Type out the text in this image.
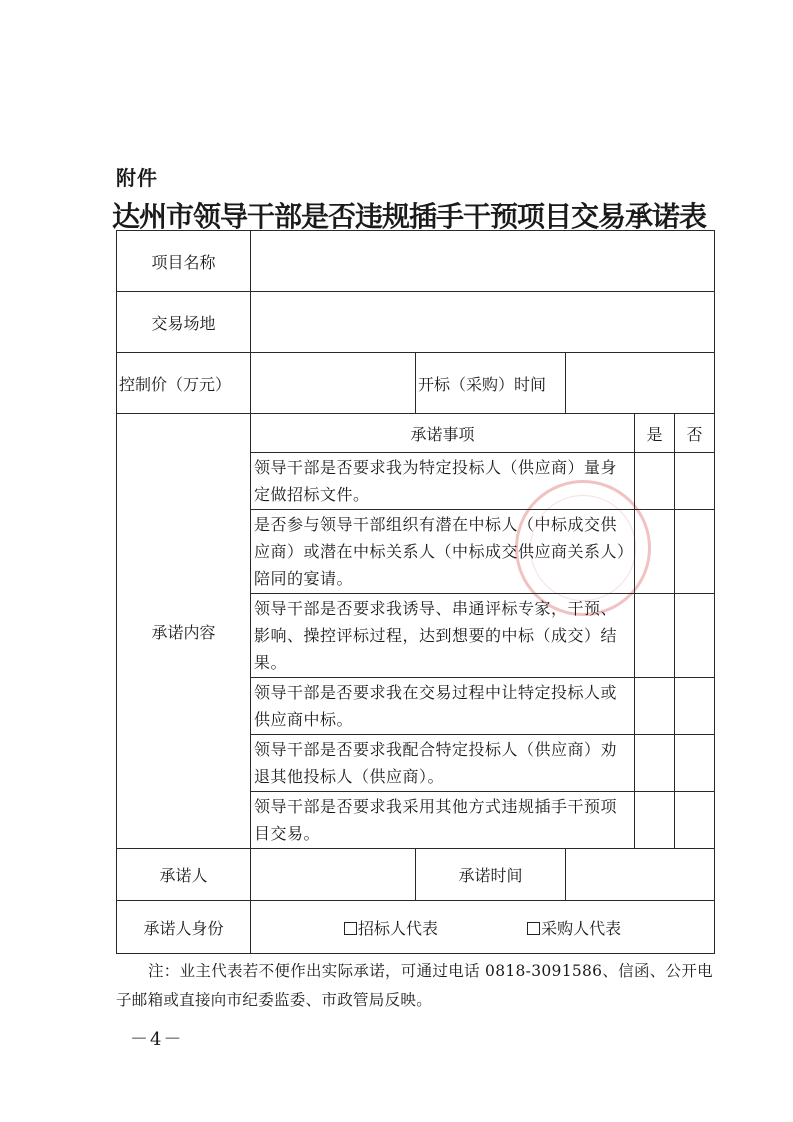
附件
达州市领导干部是否违规插手干预项目交易承诺表
项目名称					
交易场地					
控制价（万元）		开标（采购）时间			
承诺内容	承诺事项			是	否
	领导干部是否要求我为特定投标人（供应商）量身定做招标文件。				
	是否参与领导干部组织有潜在中标人（中标成交供应商）或潜在中标关系人（中标成交供应商关系人）陪同的宴请。				
	领导干部是否要求我诱导、串通评标专家，干预、影响、操控评标过程，达到想要的中标（成交）结果。				
	领导干部是否要求我在交易过程中让特定投标人或供应商中标。				
	领导干部是否要求我配合特定投标人（供应商）劝退其他投标人（供应商）。				
	领导干部是否要求我采用其他方式违规插手干预项目交易。				
承诺人		承诺时间			
承诺人身份	招标人代表 采购人代表				
注：业主代表若不便作出实际承诺，可通过电话 0818-3091586、信函、公开电子邮箱或直接向市纪委监委、市政管局反映。
－4－
